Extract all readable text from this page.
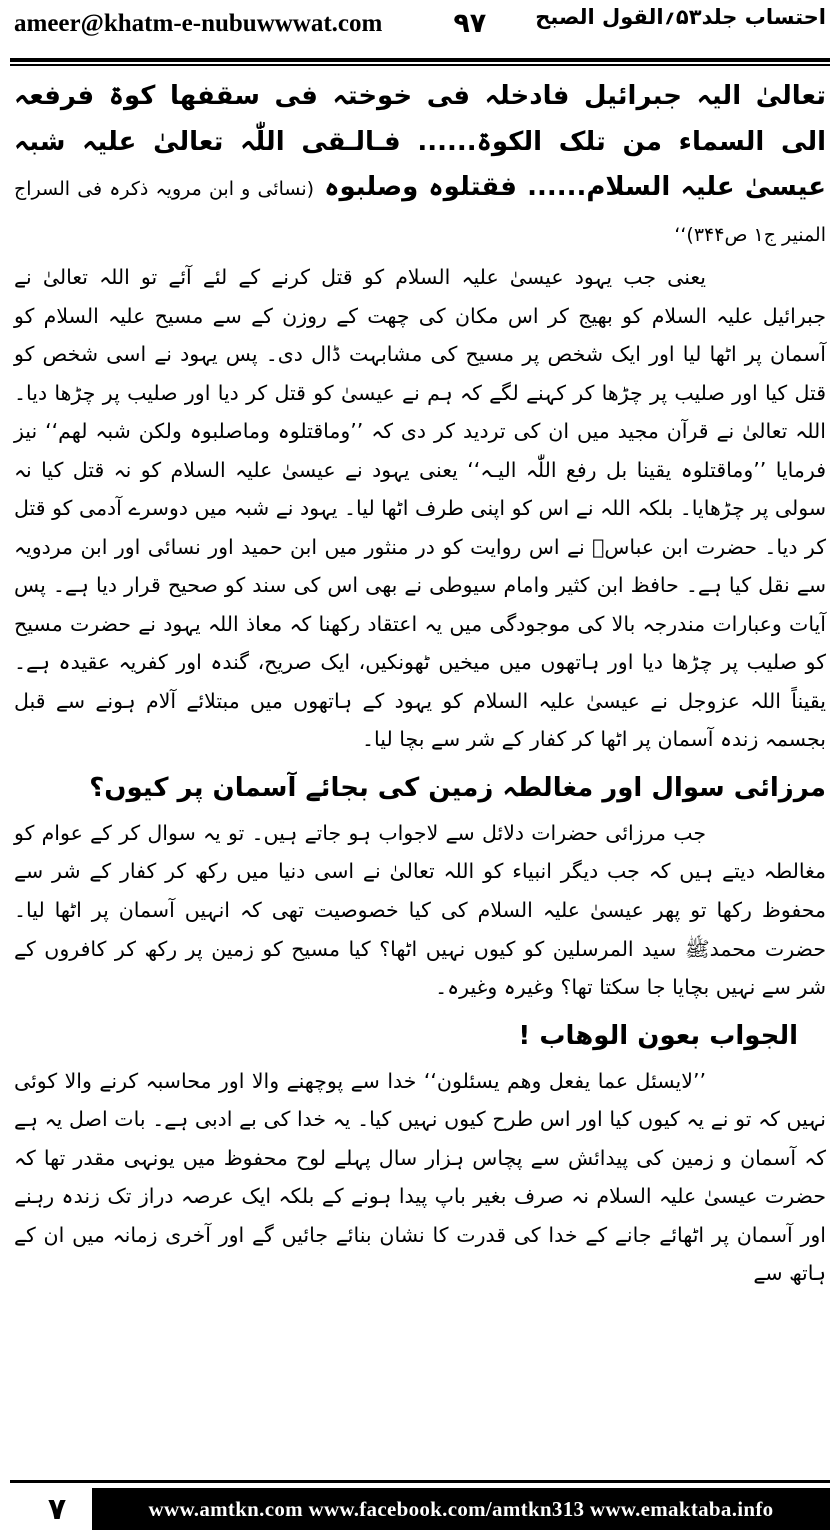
ameer@khatm-e-nubuwwwat.com	۹۷ احتساب جلد۵۳؍القول الصبح

تعالیٰ الیہ جبرائیل فادخلہ فی خوختہ فی سقفھا کوۃ فرفعہ الی السماء من تلک الکوۃ...... فـالـقی اللّٰہ تعالیٰ علیہ شبہ عیسیٰ علیہ السلام...... فقتلوہ وصلبوہ (نسائی و ابن مرویہ ذکرہ فی السراج المنیر ج۱ ص۳۴۴)‘‘

یعنی جب یہود عیسیٰ علیہ السلام کو قتل کرنے کے لئے آئے تو اللہ تعالیٰ نے جبرائیل علیہ السلام کو بھیج کر اس مکان کی چھت کے روزن کے سے مسیح علیہ السلام کو آسمان پر اٹھا لیا اور ایک شخص پر مسیح کی مشابہت ڈال دی۔ پس یہود نے اسی شخص کو قتل کیا اور صلیب پر چڑھا کر کہنے لگے کہ ہم نے عیسیٰ کو قتل کر دیا اور صلیب پر چڑھا دیا۔ اللہ تعالیٰ نے قرآن مجید میں ان کی تردید کر دی کہ ’’وماقتلوہ وماصلبوہ ولکن شبہ لھم‘‘ نیز فرمایا ’’وماقتلوہ یقینا بل رفع اللّٰہ الیـہ‘‘ یعنی یہود نے عیسیٰ علیہ السلام کو نہ قتل کیا نہ سولی پر چڑھایا۔ بلکہ اللہ نے اس کو اپنی طرف اٹھا لیا۔ یہود نے شبہ میں دوسرے آدمی کو قتل کر دیا۔ حضرت ابن عباسؓ نے اس روایت کو در منثور میں ابن حمید اور نسائی اور ابن مردویہ سے نقل کیا ہے۔ حافظ ابن کثیر وامام سیوطی نے بھی اس کی سند کو صحیح قرار دیا ہے۔ پس آیات وعبارات مندرجہ بالا کی موجودگی میں یہ اعتقاد رکھنا کہ معاذ اللہ یہود نے حضرت مسیح کو صلیب پر چڑھا دیا اور ہاتھوں میں میخیں ٹھونکیں، ایک صریح، گندہ اور کفریہ عقیدہ ہے۔ یقیناً اللہ عزوجل نے عیسیٰ علیہ السلام کو یہود کے ہاتھوں میں مبتلائے آلام ہونے سے قبل بجسمہ زندہ آسمان پر اٹھا کر کفار کے شر سے بچا لیا۔

مرزائی سوال اور مغالطہ زمین کی بجائے آسمان پر کیوں؟

جب مرزائی حضرات دلائل سے لاجواب ہو جاتے ہیں۔ تو یہ سوال کر کے عوام کو مغالطہ دیتے ہیں کہ جب دیگر انبیاء کو اللہ تعالیٰ نے اسی دنیا میں رکھ کر کفار کے شر سے محفوظ رکھا تو پھر عیسیٰ علیہ السلام کی کیا خصوصیت تھی کہ انہیں آسمان پر اٹھا لیا۔ حضرت محمدﷺ سید المرسلین کو کیوں نہیں اٹھا؟ کیا مسیح کو زمین پر رکھ کر کافروں کے شر سے نہیں بچایا جا سکتا تھا؟ وغیرہ وغیرہ۔

الجواب بعون الوھاب !

’’لایسئل عما یفعل وھم یسئلون‘‘ خدا سے پوچھنے والا اور محاسبہ کرنے والا کوئی نہیں کہ تو نے یہ کیوں کیا اور اس طرح کیوں نہیں کیا۔ یہ خدا کی بے ادبی ہے۔ بات اصل یہ ہے کہ آسمان و زمین کی پیدائش سے پچاس ہزار سال پہلے لوح محفوظ میں یونہی مقدر تھا کہ حضرت عیسیٰ علیہ السلام نہ صرف بغیر باپ پیدا ہونے کے بلکہ ایک عرصہ دراز تک زندہ رہنے اور آسمان پر اٹھائے جانے کے خدا کی قدرت کا نشان بنائے جائیں گے اور آخری زمانہ میں ان کے ہاتھ سے

۷	www.amtkn.com www.facebook.com/amtkn313 www.emaktaba.info
